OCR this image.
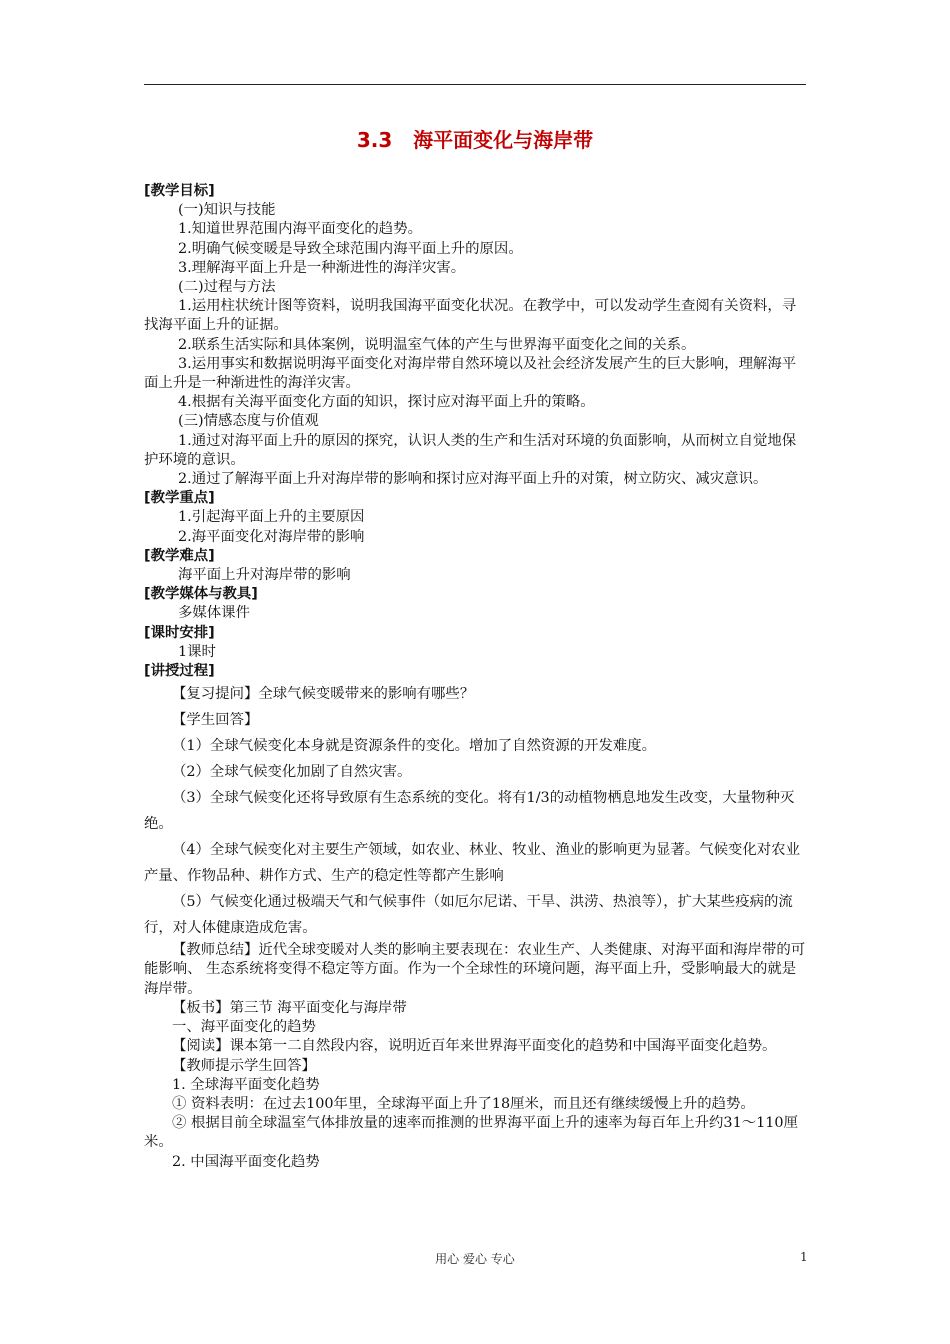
3.3   海平面变化与海岸带

[教学目标]

(一)知识与技能

1.知道世界范围内海平面变化的趋势。

2.明确气候变暖是导致全球范围内海平面上升的原因。

3.理解海平面上升是一种渐进性的海洋灾害。

(二)过程与方法

1.运用柱状统计图等资料，说明我国海平面变化状况。在教学中，可以发动学生查阅有关资料，寻找海平面上升的证据。

2.联系生活实际和具体案例，说明温室气体的产生与世界海平面变化之间的关系。

3.运用事实和数据说明海平面变化对海岸带自然环境以及社会经济发展产生的巨大影响，理解海平面上升是一种渐进性的海洋灾害。

4.根据有关海平面变化方面的知识，探讨应对海平面上升的策略。

(三)情感态度与价值观

1.通过对海平面上升的原因的探究，认识人类的生产和生活对环境的负面影响，从而树立自觉地保护环境的意识。

2.通过了解海平面上升对海岸带的影响和探讨应对海平面上升的对策，树立防灾、减灾意识。

[教学重点]

1.引起海平面上升的主要原因

2.海平面变化对海岸带的影响

[教学难点]

海平面上升对海岸带的影响

[教学媒体与教具]

多媒体课件

[课时安排]

1课时

[讲授过程]

【复习提问】全球气候变暖带来的影响有哪些？

【学生回答】

（1）全球气候变化本身就是资源条件的变化。增加了自然资源的开发难度。

（2）全球气候变化加剧了自然灾害。

（3）全球气候变化还将导致原有生态系统的变化。将有1/3的动植物栖息地发生改变，大量物种灭绝。

（4）全球气候变化对主要生产领域，如农业、林业、牧业、渔业的影响更为显著。气候变化对农业产量、作物品种、耕作方式、生产的稳定性等都产生影响

（5）气候变化通过极端天气和气候事件（如厄尔尼诺、干旱、洪涝、热浪等），扩大某些疫病的流行，对人体健康造成危害。

【教师总结】近代全球变暖对人类的影响主要表现在：农业生产、人类健康、对海平面和海岸带的可能影响、 生态系统将变得不稳定等方面。作为一个全球性的环境问题，海平面上升，受影响最大的就是海岸带。

【板书】第三节 海平面变化与海岸带

一、海平面变化的趋势

【阅读】课本第一二自然段内容，说明近百年来世界海平面变化的趋势和中国海平面变化趋势。

【教师提示学生回答】

1. 全球海平面变化趋势

① 资料表明：在过去100年里，全球海平面上升了18厘米，而且还有继续缓慢上升的趋势。

② 根据目前全球温室气体排放量的速率而推测的世界海平面上升的速率为每百年上升约31～110厘米。

2. 中国海平面变化趋势

用心 爱心 专心	1
